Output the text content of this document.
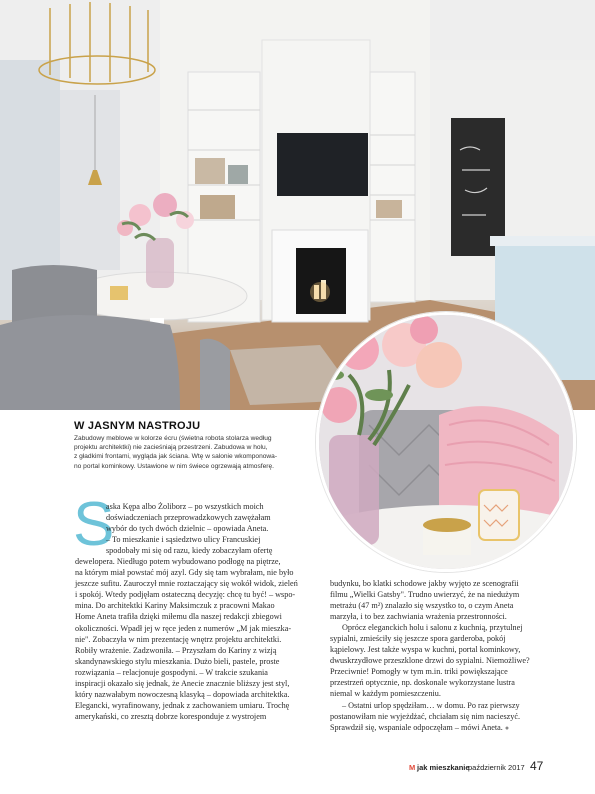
W JASNYM NASTROJU
Zabudowy meblowe w kolorze écru (świetna robota stolarza według
projektu architektki) nie zacieśniają przestrzeni. Zabudowa w holu,
z gładkimi frontami, wygląda jak ściana. Wtę w salonie wkomponowa-
no portal kominkowy. Ustawione w nim świece ogrzewają atmosferę.
S

aska Kępa albo Żoliborz – po wszystkich moich

doświadczeniach przeprowadzkowych zawężałam

wybór do tych dwóch dzielnic – opowiada Aneta.

– To mieszkanie i sąsiedztwo ulicy Francuskiej

spodobały mi się od razu, kiedy zobaczyłam ofertę

dewelopera. Niedługo potem wybudowano podłogę na piętrze,

na którym miał powstać mój azyl. Gdy się tam wybrałam, nie było

jeszcze sufitu. Zauroczył mnie roztaczający się wokół widok, zieleń

i spokój. Wtedy podjęłam ostateczną decyzję: chcę tu być! – wspo-

mina. Do architektki Kariny Maksimczuk z pracowni Makao

Home Aneta trafiła dzięki miłemu dla naszej redakcji zbiegowi

okoliczności. Wpadł jej w ręce jeden z numerów „M jak mieszka-

nie". Zobaczyła w nim prezentację wnętrz projektu architektki.

Robiły wrażenie. Zadzwoniła. – Przyszłam do Kariny z wizją

skandynawskiego stylu mieszkania. Dużo bieli, pastele, proste

rozwiązania – relacjonuje gospodyni. – W trakcie szukania

inspiracji okazało się jednak, że Anecie znacznie bliższy jest styl,

który nazwałabym nowoczesną klasyką – dopowiada architektka.

Elegancki, wyrafinowany, jednak z zachowaniem umiaru. Trochę

amerykański, co zresztą dobrze koresponduje z wystrojem

budynku, bo klatki schodowe jakby wyjęto ze scenografii

filmu „Wielki Gatsby". Trudno uwierzyć, że na niedużym

metrażu (47 m²) znalazło się wszystko to, o czym Aneta

marzyła, i to bez zachwiania wrażenia przestronności.

Oprócz eleganckich holu i salonu z kuchnią, przytulnej

sypialni, zmieściły się jeszcze spora garderoba, pokój

kąpielowy. Jest także wyspa w kuchni, portal kominkowy,

dwuskrzydłowe przeszklone drzwi do sypialni. Niemożliwe?

Przeciwnie! Pomogły w tym m.in. triki powiększające

przestrzeń optycznie, np. doskonale wykorzystane lustra

niemal w każdym pomieszczeniu.

– Ostatni urlop spędziłam… w domu. Po raz pierwszy

postanowiłam nie wyjeżdżać, chciałam się nim nacieszyć.

Sprawdził się, wspaniale odpoczęłam – mówi Aneta. ●

M jak mieszkanie
październik 2017 47
